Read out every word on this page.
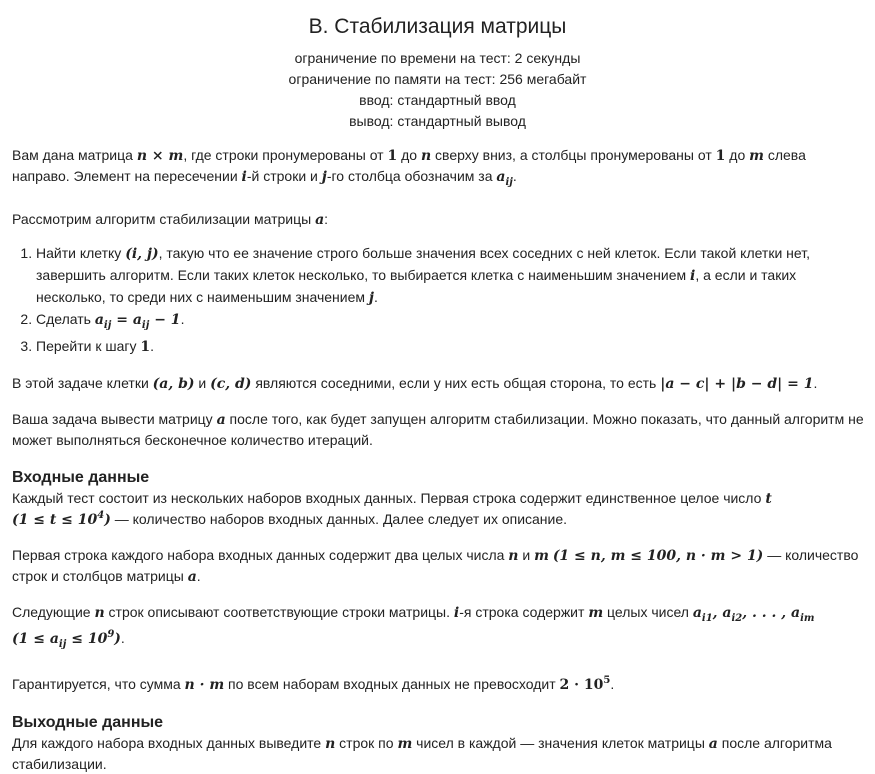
B. Стабилизация матрицы
ограничение по времени на тест: 2 секунды
ограничение по памяти на тест: 256 мегабайт
ввод: стандартный ввод
вывод: стандартный вывод

Вам дана матрица n × m, где строки пронумерованы от 1 до n сверху вниз, а столбцы пронумерованы от 1 до m слева направо. Элемент на пересечении i-й строки и j-го столбца обозначим за $a_{ij}$.

Рассмотрим алгоритм стабилизации матрицы a:

1. Найти клетку (i, j), такую что ее значение строго больше значения всех соседних с ней клеток. Если такой клетки нет, завершить алгоритм. Если таких клеток несколько, то выбирается клетка с наименьшим значением i, а если и таких несколько, то среди них с наименьшим значением j.
2. Сделать $a_{ij} = a_{ij} - 1$.
3. Перейти к шагу 1.

В этой задаче клетки (a, b) и (c, d) являются соседними, если у них есть общая сторона, то есть |a − c| + |b − d| = 1.

Ваша задача вывести матрицу a после того, как будет запущен алгоритм стабилизации. Можно показать, что данный алгоритм не может выполняться бесконечное количество итераций.

Входные данные

Каждый тест состоит из нескольких наборов входных данных. Первая строка содержит единственное целое число t
$(1 \le t \le 10^4)$ — количество наборов входных данных. Далее следует их описание.

Первая строка каждого набора входных данных содержит два целых числа n и m (1 ≤ n, m ≤ 100, n · m > 1) — количество строк и столбцов матрицы a.

Следующие n строк описывают соответствующие строки матрицы. i-я строка содержит m целых чисел $a_{i1}$, $a_{i2}$, . . . , $a_{im}$
$(1 \le a_{ij} \le 10^9)$.

Гарантируется, что сумма n · m по всем наборам входных данных не превосходит $2 \cdot 10^5$.

Выходные данные

Для каждого набора входных данных выведите n строк по m чисел в каждой — значения клеток матрицы a после алгоритма стабилизации.
